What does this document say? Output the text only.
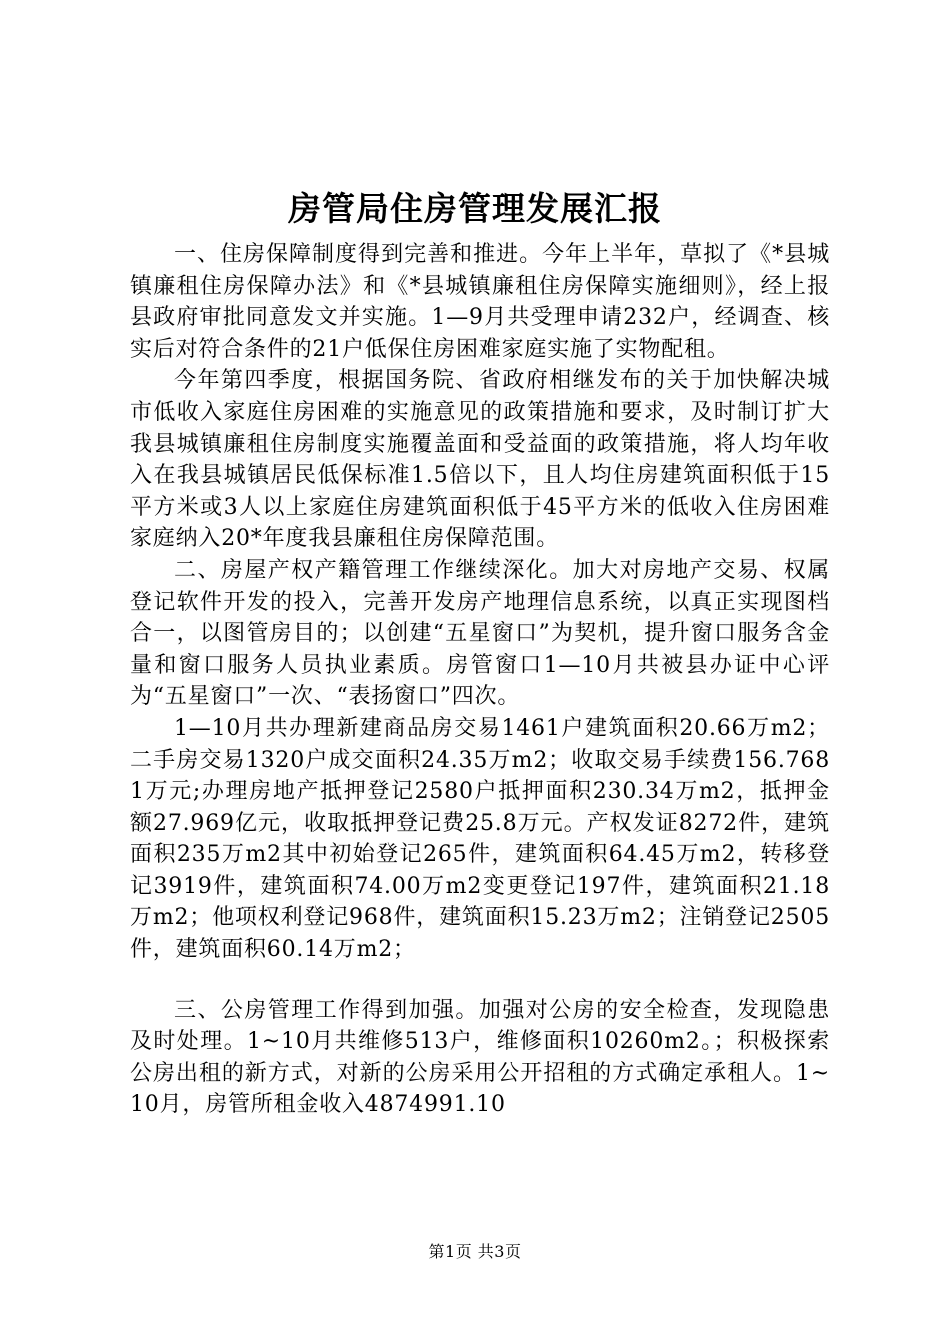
房管局住房管理发展汇报

一、住房保障制度得到完善和推进。今年上半年，草拟了《*县城镇廉租住房保障办法》和《*县城镇廉租住房保障实施细则》，经上报县政府审批同意发文并实施。1—9月共受理申请232户，经调查、核实后对符合条件的21户低保住房困难家庭实施了实物配租。

今年第四季度，根据国务院、省政府相继发布的关于加快解决城市低收入家庭住房困难的实施意见的政策措施和要求，及时制订扩大我县城镇廉租住房制度实施覆盖面和受益面的政策措施，将人均年收入在我县城镇居民低保标准1.5倍以下，且人均住房建筑面积低于15平方米或3人以上家庭住房建筑面积低于45平方米的低收入住房困难家庭纳入20*年度我县廉租住房保障范围。

二、房屋产权产籍管理工作继续深化。加大对房地产交易、权属登记软件开发的投入，完善开发房产地理信息系统，以真正实现图档合一，以图管房目的；以创建“五星窗口”为契机，提升窗口服务含金量和窗口服务人员执业素质。房管窗口1—10月共被县办证中心评为“五星窗口”一次、“表扬窗口”四次。

1—10月共办理新建商品房交易1461户建筑面积20.66万m2；二手房交易1320户成交面积24.35万m2；收取交易手续费156.7681万元;办理房地产抵押登记2580户抵押面积230.34万m2，抵押金额27.969亿元，收取抵押登记费25.8万元。产权发证8272件，建筑面积235万m2其中初始登记265件，建筑面积64.45万m2，转移登记3919件，建筑面积74.00万m2变更登记197件，建筑面积21.18万m2；他项权利登记968件，建筑面积15.23万m2；注销登记2505件，建筑面积60.14万m2；

三、公房管理工作得到加强。加强对公房的安全检查，发现隐患及时处理。1~10月共维修513户，维修面积10260m2。；积极探索公房出租的新方式，对新的公房采用公开招租的方式确定承租人。1~10月，房管所租金收入4874991.10

第1页 共3页
